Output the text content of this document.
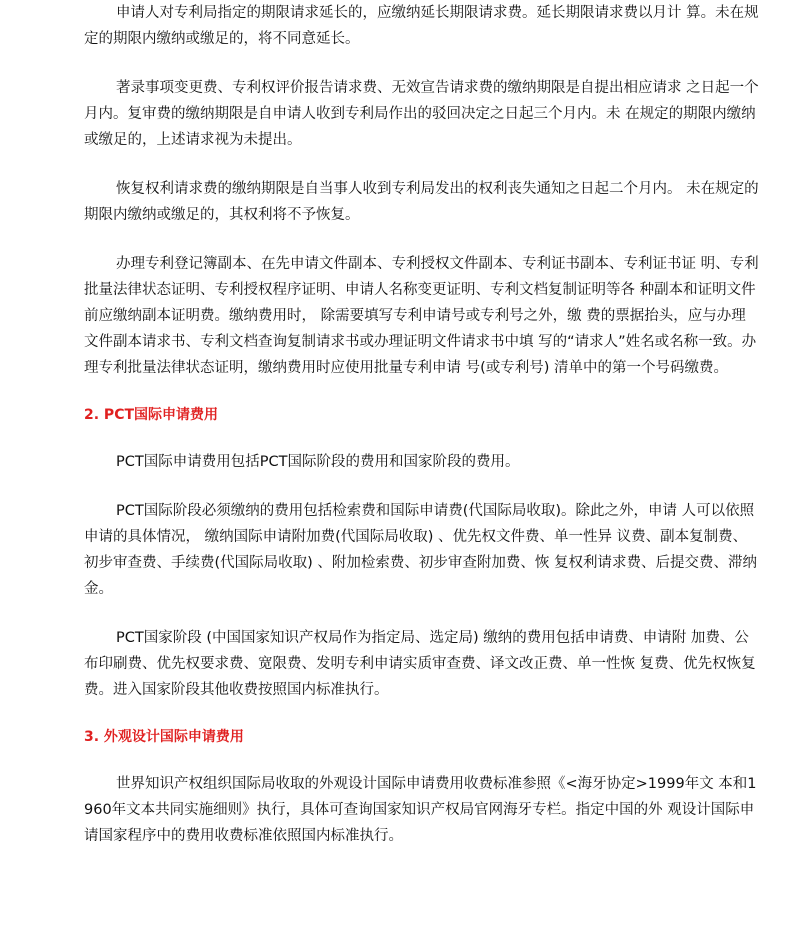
申请人对专利局指定的期限请求延长的，应缴纳延长期限请求费。延长期限请求费以月计 算。未在规定的期限内缴纳或缴足的，将不同意延长。

著录事项变更费、专利权评价报告请求费、无效宣告请求费的缴纳期限是自提出相应请求 之日起一个月内。复审费的缴纳期限是自申请人收到专利局作出的驳回决定之日起三个月内。未 在规定的期限内缴纳或缴足的，上述请求视为未提出。

恢复权利请求费的缴纳期限是自当事人收到专利局发出的权利丧失通知之日起二个月内。 未在规定的期限内缴纳或缴足的，其权利将不予恢复。

办理专利登记簿副本、在先申请文件副本、专利授权文件副本、专利证书副本、专利证书证 明、专利批量法律状态证明、专利授权程序证明、申请人名称变更证明、专利文档复制证明等各 种副本和证明文件前应缴纳副本证明费。缴纳费用时， 除需要填写专利申请号或专利号之外，缴 费的票据抬头，应与办理文件副本请求书、专利文档查询复制请求书或办理证明文件请求书中填 写的“请求人”姓名或名称一致。办理专利批量法律状态证明，缴纳费用时应使用批量专利申请 号(或专利号) 清单中的第一个号码缴费。

2. PCT国际申请费用

PCT国际申请费用包括PCT国际阶段的费用和国家阶段的费用。

PCT国际阶段必须缴纳的费用包括检索费和国际申请费(代国际局收取)。除此之外，申请 人可以依照申请的具体情况， 缴纳国际申请附加费(代国际局收取) 、优先权文件费、单一性异 议费、副本复制费、初步审查费、手续费(代国际局收取) 、附加检索费、初步审查附加费、恢 复权利请求费、后提交费、滞纳金。

PCT国家阶段 (中国国家知识产权局作为指定局、选定局) 缴纳的费用包括申请费、申请附 加费、公布印刷费、优先权要求费、宽限费、发明专利申请实质审查费、译文改正费、单一性恢 复费、优先权恢复费。进入国家阶段其他收费按照国内标准执行。

3. 外观设计国际申请费用

世界知识产权组织国际局收取的外观设计国际申请费用收费标准参照《<海牙协定>1999年文 本和1960年文本共同实施细则》执行，具体可查询国家知识产权局官网海牙专栏。指定中国的外 观设计国际申请国家程序中的费用收费标准依照国内标准执行。
